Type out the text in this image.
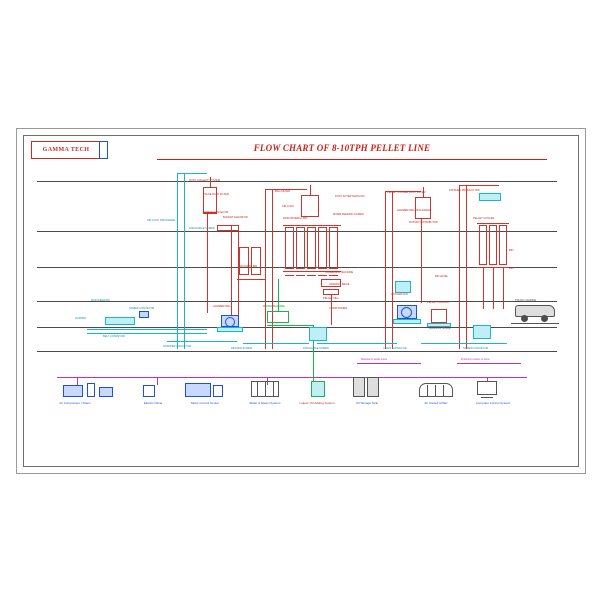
GAMMA TECH	FLOW CHART OF 8-10TPH PELLET LINE
DUST COLLECT SYSTEM
PULSE DUST FILTER
BAG FILTER
AIR LOCK
DUST FILTER MAIN FAN
PELLET COOLER DUST FILTER
FINISHED PRODUCT BIN
AIR LOCK DISCHARGE
SCREW CONVEYOR
BUCKET ELEVATOR	RAW MATERIAL BIN
MIXER FEEDING SCREW
HAMMER MILL DISCHARGE
ROTARY DISTRIBUTOR
PELLET COOLER
DISCHARGE SCREW
BATCHING BIN
SCREENING MACHINE
GRADING SIEVE
BIN LEVEL
BIN
BIN
MAIN FEEDING
SCREW CONVEYOR
HOPPER
HAMMER MILL	MIXING MACHINE
PELLET MILL
CONDITIONER
COOLER FAN
PELLET PACKING
BAGGING SCALE
TRUCK LOADING
BELT CONVEYOR
SCRAPER CONVEYOR
RETURN SCREW	DISCHARGE SCREW	CHAIN CONVEYOR	SCREW CONVEYOR
Material to pellet press	Finished product to store
Air Compressor / Filters	Electric Panel	Motor Control Center	Boiler & Steam System	Liquid / Oil Adding System	Oil Storage Tank	Air Cooled Chiller	Computer Control System
